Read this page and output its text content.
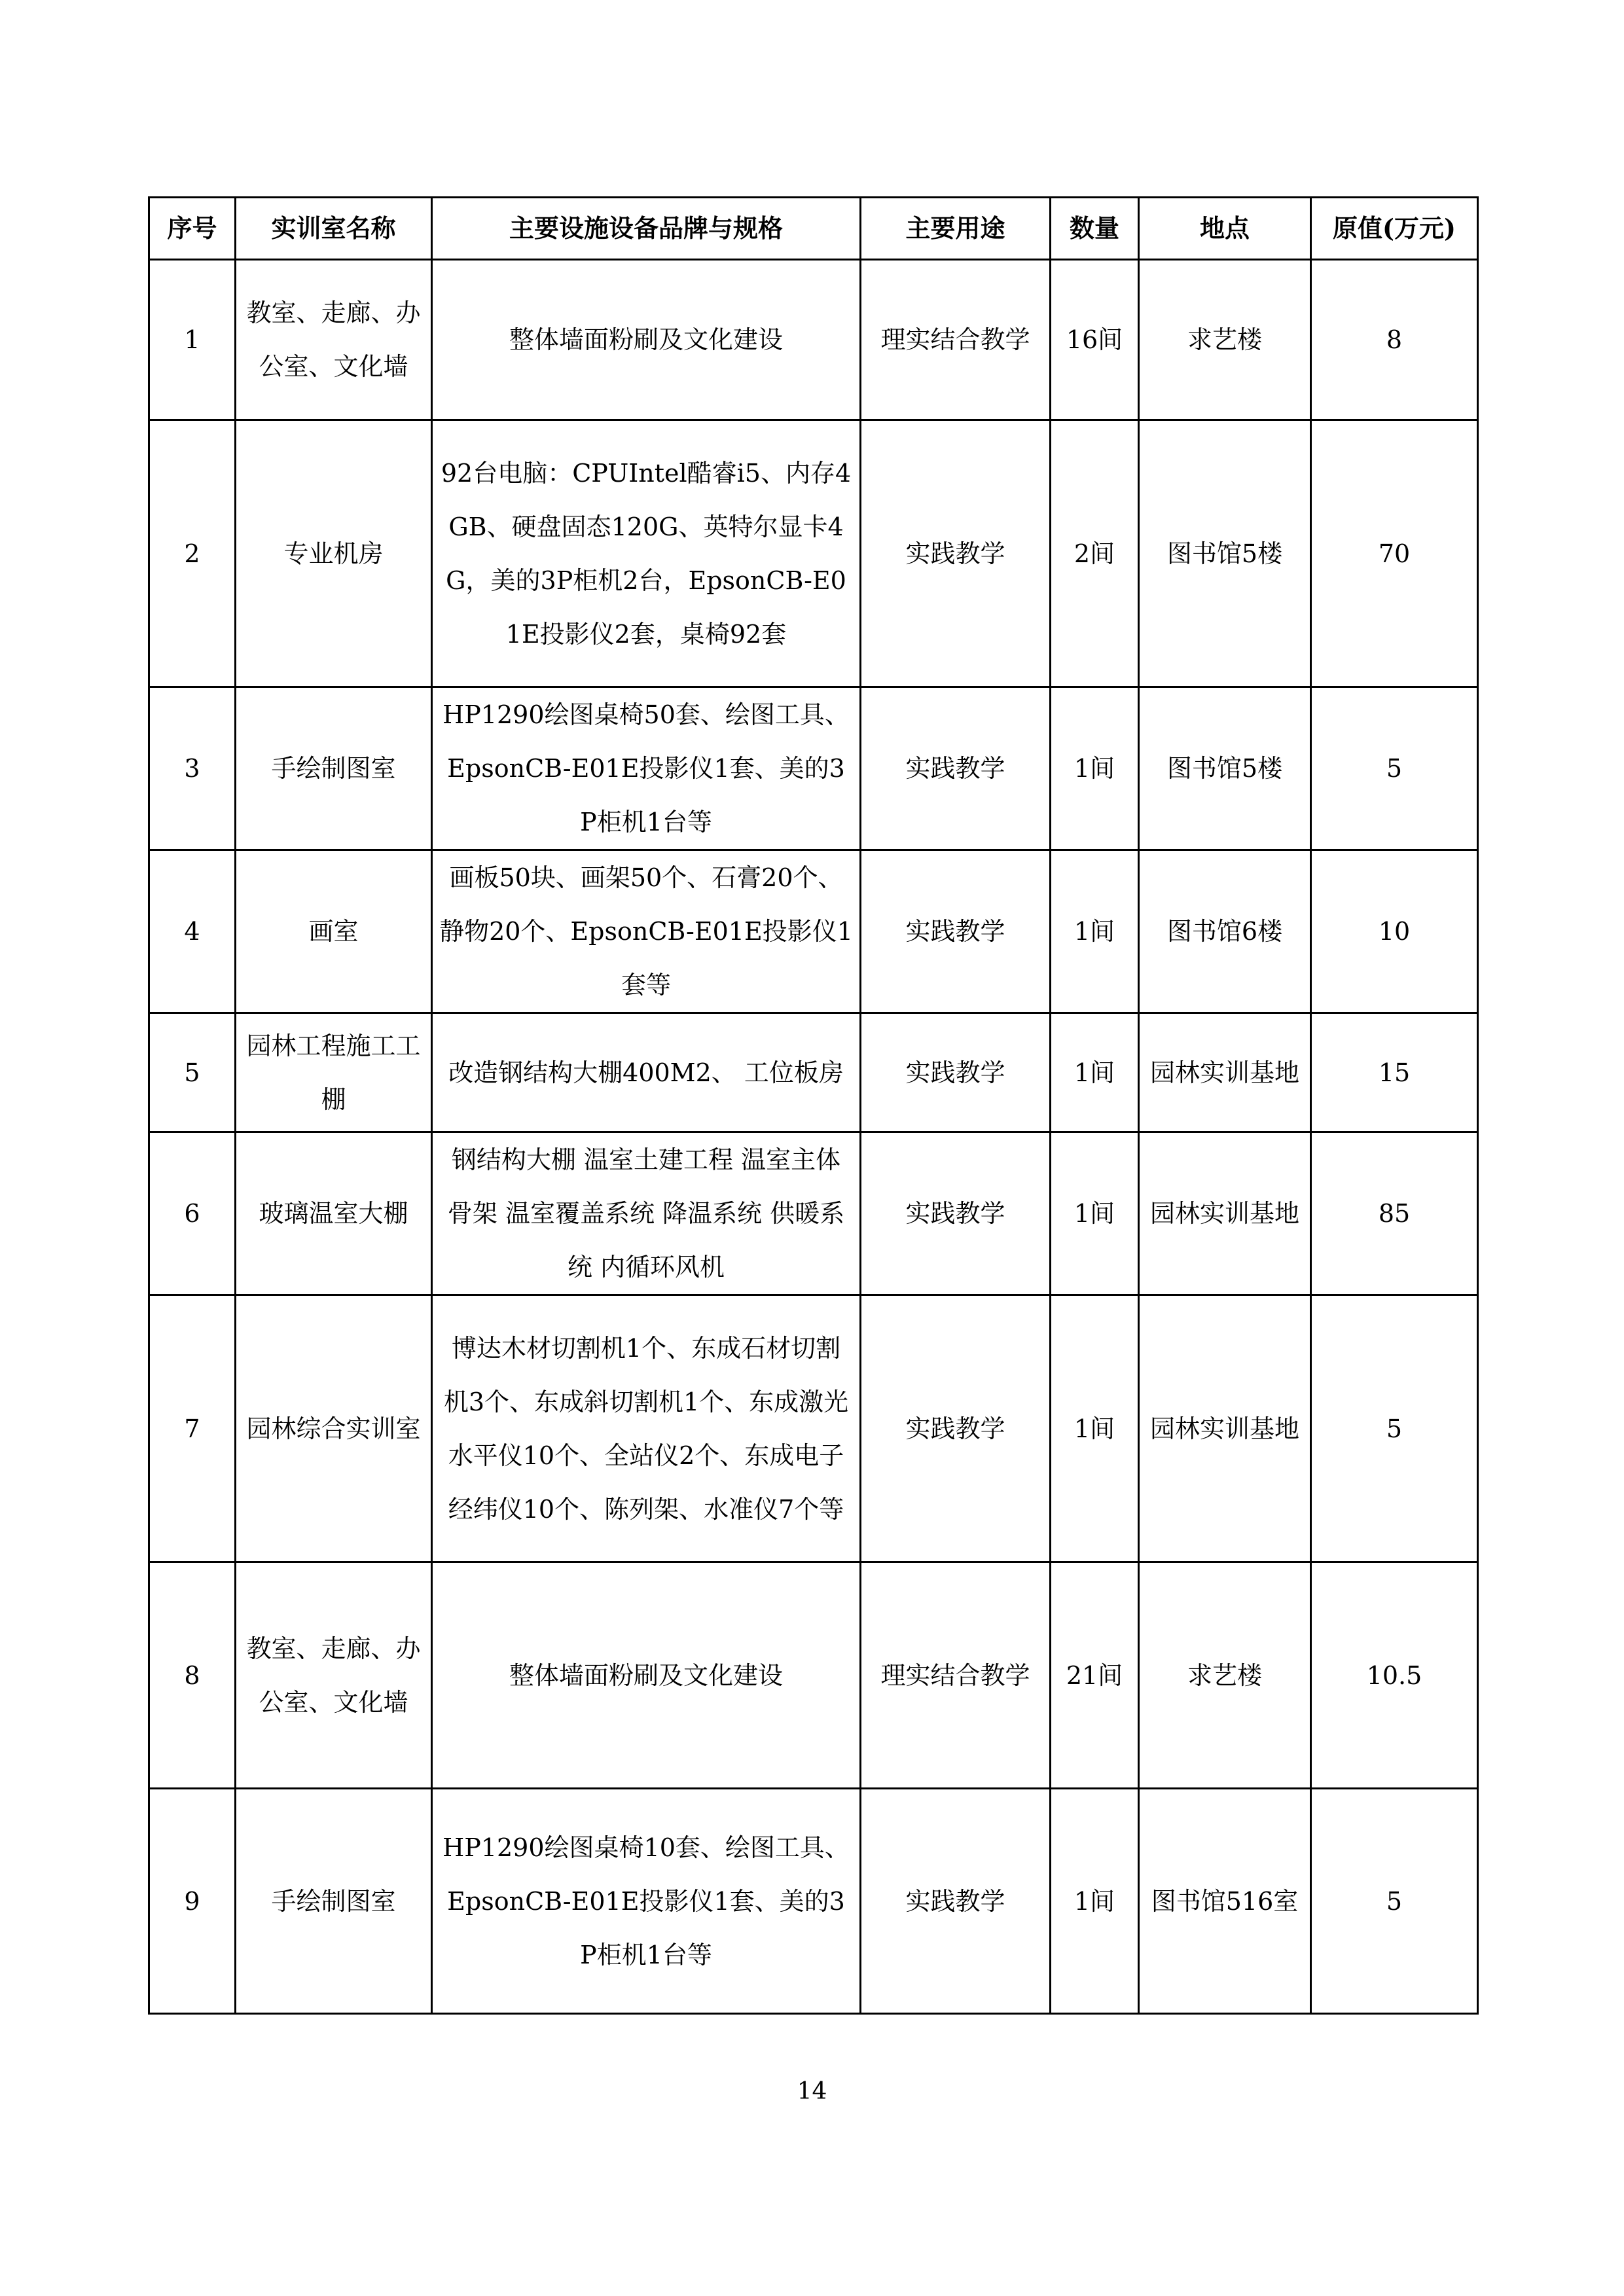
序号	实训室名称	主要设施设备品牌与规格	主要用途	数量	地点	原值(万元)
1	教室、走廊、办公室、文化墙	整体墙面粉刷及文化建设	理实结合教学	16间	求艺楼	8
2	专业机房	92台电脑：CPUIntel酷睿i5、内存4GB、硬盘固态120G、英特尔显卡4G，美的3P柜机2台，EpsonCB-E01E投影仪2套，桌椅92套	实践教学	2间	图书馆5楼	70
3	手绘制图室	HP1290绘图桌椅50套、绘图工具、EpsonCB-E01E投影仪1套、美的3P柜机1台等	实践教学	1间	图书馆5楼	5
4	画室	画板50块、画架50个、石膏20个、静物20个、EpsonCB-E01E投影仪1套等	实践教学	1间	图书馆6楼	10
5	园林工程施工工棚	改造钢结构大棚400M2、 工位板房	实践教学	1间	园林实训基地	15
6	玻璃温室大棚	钢结构大棚 温室土建工程 温室主体骨架 温室覆盖系统 降温系统 供暖系统 内循环风机	实践教学	1间	园林实训基地	85
7	园林综合实训室	博达木材切割机1个、东成石材切割机3个、东成斜切割机1个、东成激光水平仪10个、全站仪2个、东成电子经纬仪10个、陈列架、水准仪7个等	实践教学	1间	园林实训基地	5
8	教室、走廊、办公室、文化墙	整体墙面粉刷及文化建设	理实结合教学	21间	求艺楼	10.5
9	手绘制图室	HP1290绘图桌椅10套、绘图工具、EpsonCB-E01E投影仪1套、美的3P柜机1台等	实践教学	1间	图书馆516室	5
14
